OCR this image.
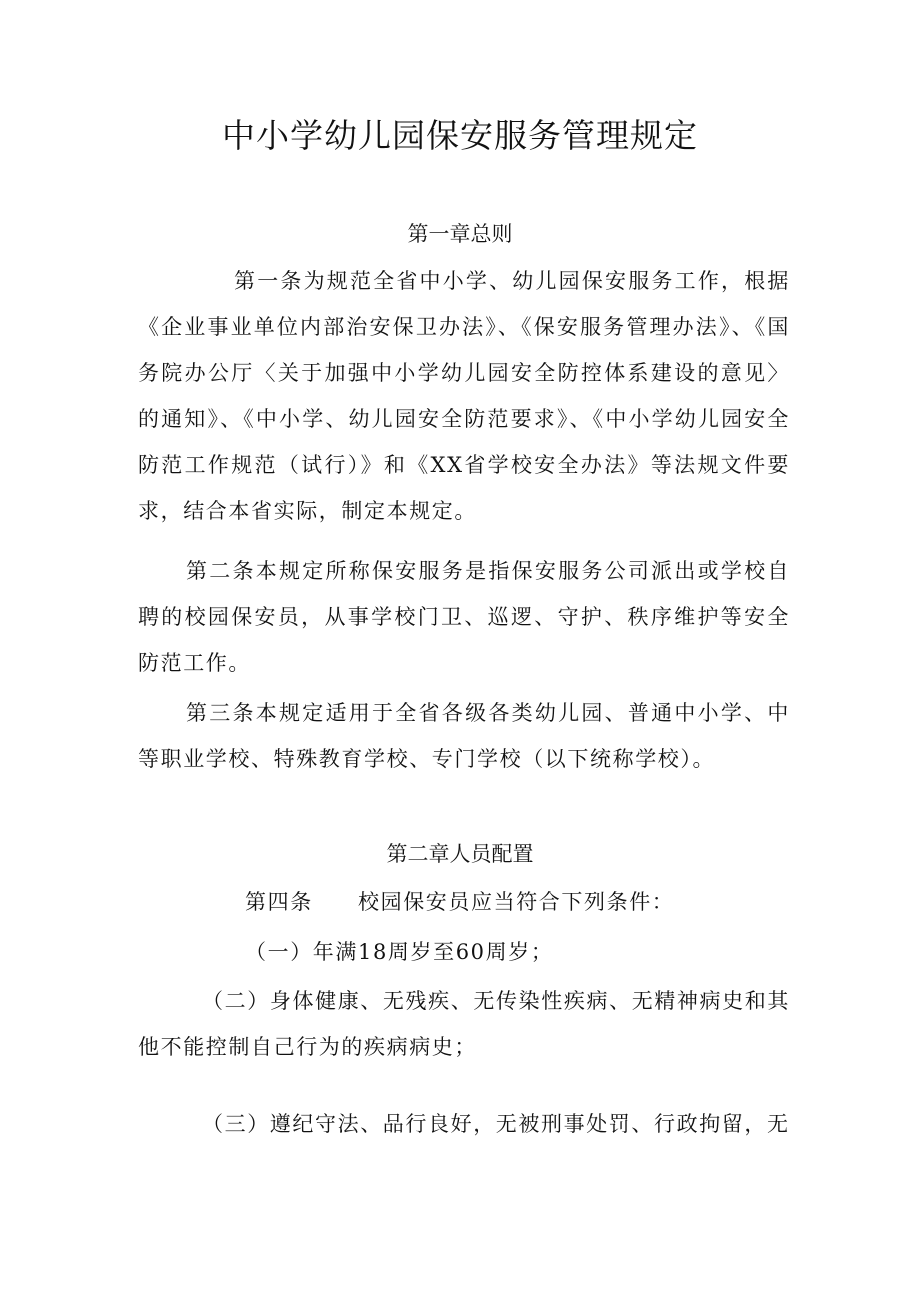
中小学幼儿园保安服务管理规定
第一章总则
第一条为规范全省中小学、幼儿园保安服务工作，根据《企业事业单位内部治安保卫办法》、《保安服务管理办法》、《国务院办公厅〈关于加强中小学幼儿园安全防控体系建设的意见〉的通知》、《中小学、幼儿园安全防范要求》、《中小学幼儿园安全防范工作规范（试行）》和《XX省学校安全办法》等法规文件要求，结合本省实际，制定本规定。
第二条本规定所称保安服务是指保安服务公司派出或学校自聘的校园保安员，从事学校门卫、巡逻、守护、秩序维护等安全防范工作。
第三条本规定适用于全省各级各类幼儿园、普通中小学、中等职业学校、特殊教育学校、专门学校（以下统称学校）。
第二章人员配置
第四条 校园保安员应当符合下列条件：
（一）年满18周岁至60周岁；
（二）身体健康、无残疾、无传染性疾病、无精神病史和其他不能控制自己行为的疾病病史；
（三）遵纪守法、品行良好，无被刑事处罚、行政拘留，无
